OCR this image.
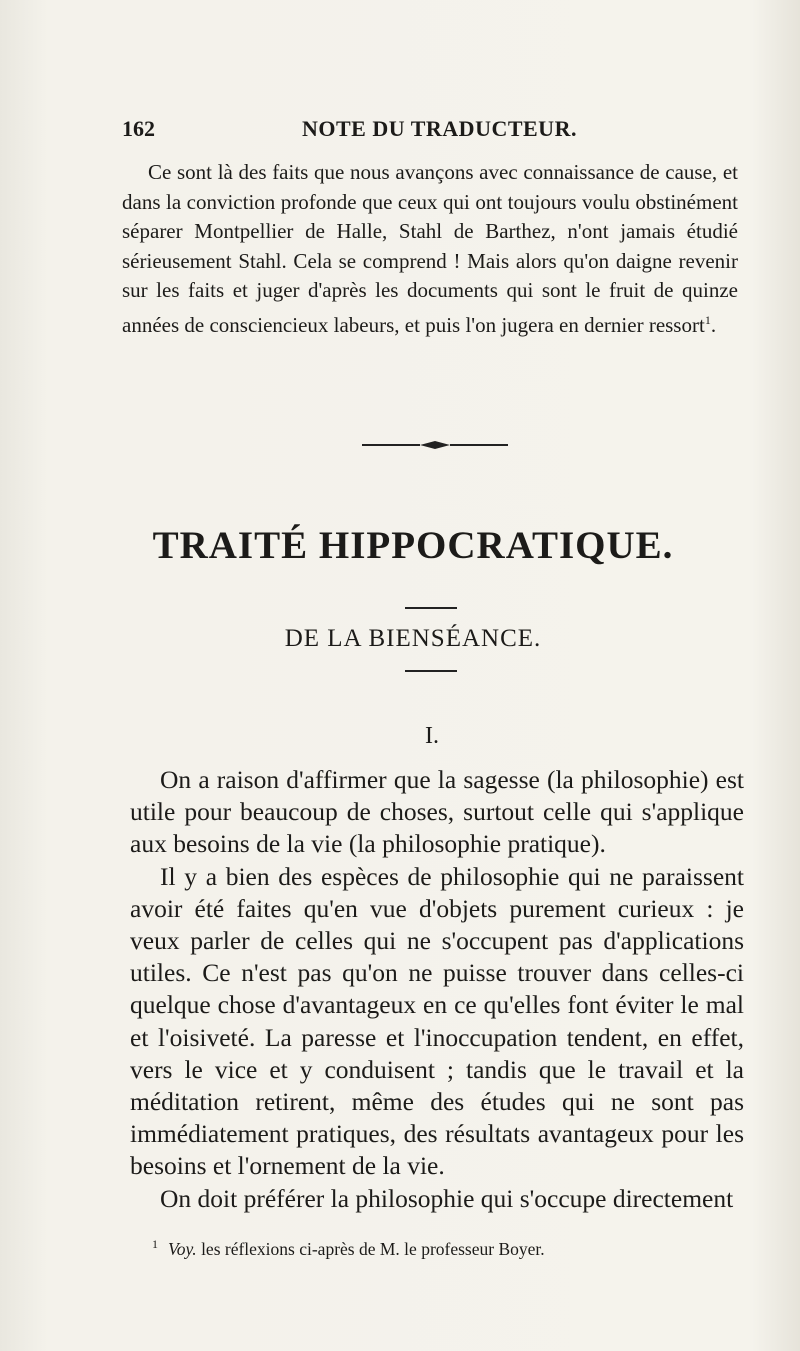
162	NOTE DU TRADUCTEUR.

Ce sont là des faits que nous avançons avec connaissance de cause, et dans la conviction profonde que ceux qui ont toujours voulu obstinément séparer Montpellier de Halle, Stahl de Barthez, n'ont jamais étudié sérieusement Stahl. Cela se comprend ! Mais alors qu'on daigne revenir sur les faits et juger d'après les documents qui sont le fruit de quinze années de consciencieux labeurs, et puis l'on jugera en dernier ressort$^1$.

TRAITÉ HIPPOCRATIQUE.
DE LA BIENSÉANCE.
I.

On a raison d'affirmer que la sagesse (la philosophie) est utile pour beaucoup de choses, surtout celle qui s'applique aux besoins de la vie (la philosophie pratique).

Il y a bien des espèces de philosophie qui ne paraissent avoir été faites qu'en vue d'objets purement curieux : je veux parler de celles qui ne s'occupent pas d'applications utiles. Ce n'est pas qu'on ne puisse trouver dans celles-ci quelque chose d'avantageux en ce qu'elles font éviter le mal et l'oisiveté. La paresse et l'inoccupation tendent, en effet, vers le vice et y conduisent ; tandis que le travail et la méditation retirent, même des études qui ne sont pas immédiatement pratiques, des résultats avantageux pour les besoins et l'ornement de la vie.

On doit préférer la philosophie qui s'occupe directement

$^1$ Voy. les réflexions ci-après de M. le professeur Boyer.
